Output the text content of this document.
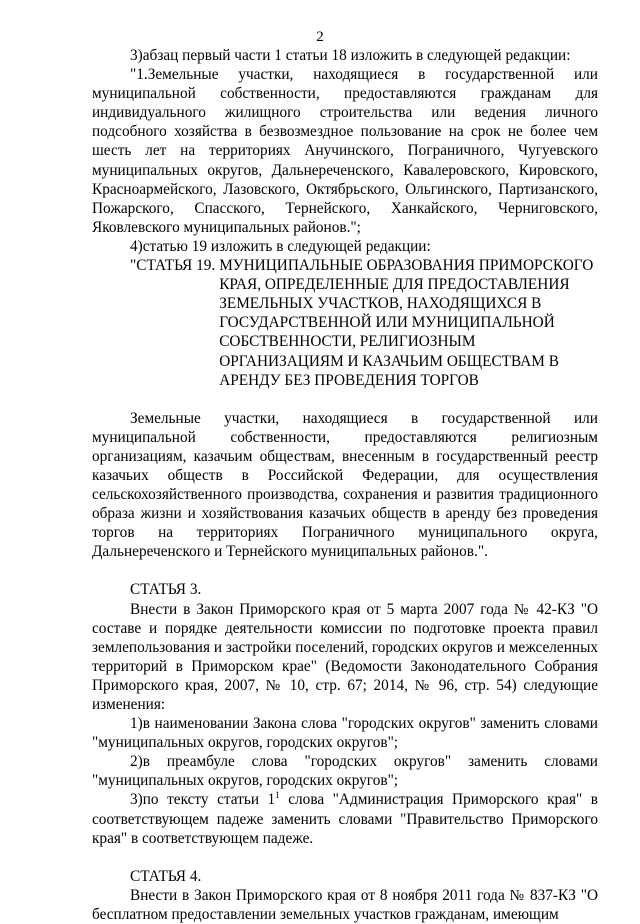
2

3)абзац первый части 1 статьи 18 изложить в следующей редакции:

"1.Земельные участки, находящиеся в государственной или муниципальной собственности, предоставляются гражданам для индивидуального жилищного строительства или ведения личного подсобного хозяйства в безвозмездное пользование на срок не более чем шесть лет на территориях Анучинского, Пограничного, Чугуевского муниципальных округов, Дальнереченского, Кавалеровского, Кировского, Красноармейского, Лазовского, Октябрьского, Ольгинского, Партизанского, Пожарского, Спасского, Тернейского, Ханкайского, Черниговского, Яковлевского муниципальных районов.";

4)статью 19 изложить в следующей редакции:

"СТАТЬЯ 19. МУНИЦИПАЛЬНЫЕ ОБРАЗОВАНИЯ ПРИМОРСКОГО
КРАЯ, ОПРЕДЕЛЕННЫЕ ДЛЯ ПРЕДОСТАВЛЕНИЯ
ЗЕМЕЛЬНЫХ УЧАСТКОВ, НАХОДЯЩИХСЯ В
ГОСУДАРСТВЕННОЙ ИЛИ МУНИЦИПАЛЬНОЙ
СОБСТВЕННОСТИ, РЕЛИГИОЗНЫМ
ОРГАНИЗАЦИЯМ И КАЗАЧЬИМ ОБЩЕСТВАМ В
АРЕНДУ БЕЗ ПРОВЕДЕНИЯ ТОРГОВ

Земельные участки, находящиеся в государственной или муниципальной собственности, предоставляются религиозным организациям, казачьим обществам, внесенным в государственный реестр казачьих обществ в Российской Федерации, для осуществления сельскохозяйственного производства, сохранения и развития традиционного образа жизни и хозяйствования казачьих обществ в аренду без проведения торгов на территориях Пограничного муниципального округа, Дальнереченского и Тернейского муниципальных районов.".

СТАТЬЯ 3.

Внести в Закон Приморского края от 5 марта 2007 года № 42-КЗ "О составе и порядке деятельности комиссии по подготовке проекта правил землепользования и застройки поселений, городских округов и межселенных территорий в Приморском крае" (Ведомости Законодательного Собрания Приморского края, 2007, № 10, стр. 67; 2014, № 96, стр. 54) следующие изменения:

1)в наименовании Закона слова "городских округов" заменить словами "муниципальных округов, городских округов";

2)в преамбуле слова "городских округов" заменить словами "муниципальных округов, городских округов";

3)по тексту статьи $1^1$ слова "Администрация Приморского края" в соответствующем падеже заменить словами "Правительство Приморского края" в соответствующем падеже.

СТАТЬЯ 4.

Внести в Закон Приморского края от 8 ноября 2011 года № 837-КЗ "О бесплатном предоставлении земельных участков гражданам, имеющим
